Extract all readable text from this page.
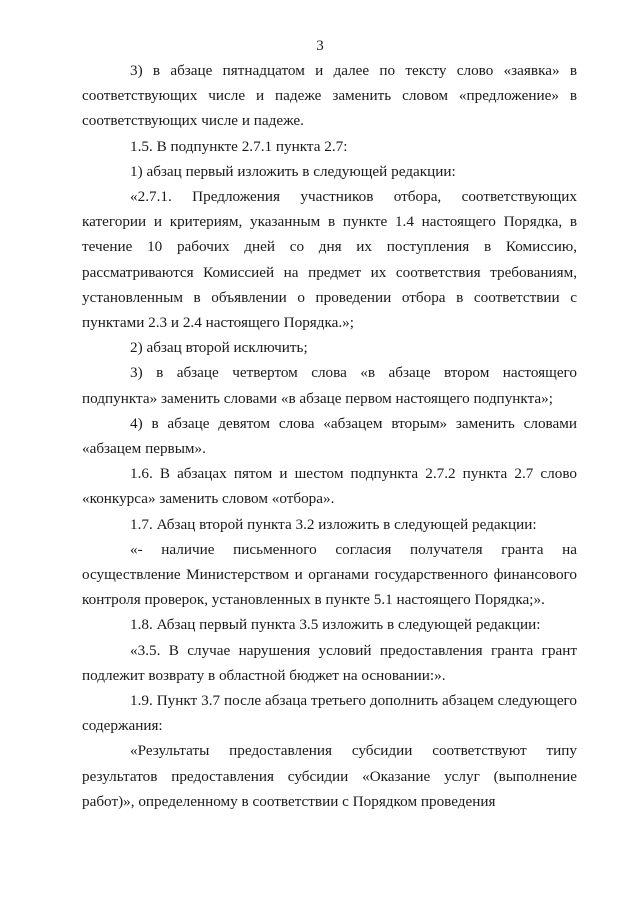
3

3) в абзаце пятнадцатом и далее по тексту слово «заявка» в соответствующих числе и падеже заменить словом «предложение» в соответствующих числе и падеже.

1.5. В подпункте 2.7.1 пункта 2.7:

1) абзац первый изложить в следующей редакции:

«2.7.1. Предложения участников отбора, соответствующих категории и критериям, указанным в пункте 1.4 настоящего Порядка, в течение 10 рабочих дней со дня их поступления в Комиссию, рассматриваются Комиссией на предмет их соответствия требованиям, установленным в объявлении о проведении отбора в соответствии с пунктами 2.3 и 2.4 настоящего Порядка.»;

2) абзац второй исключить;

3) в абзаце четвертом слова «в абзаце втором настоящего подпункта» заменить словами «в абзаце первом настоящего подпункта»;

4) в абзаце девятом слова «абзацем вторым» заменить словами «абзацем первым».

1.6. В абзацах пятом и шестом подпункта 2.7.2 пункта 2.7 слово «конкурса» заменить словом «отбора».

1.7. Абзац второй пункта 3.2 изложить в следующей редакции:

«- наличие письменного согласия получателя гранта на осуществление Министерством и органами государственного финансового контроля проверок, установленных в пункте 5.1 настоящего Порядка;».

1.8. Абзац первый пункта 3.5 изложить в следующей редакции:

«3.5. В случае нарушения условий предоставления гранта грант подлежит возврату в областной бюджет на основании:».

1.9. Пункт 3.7 после абзаца третьего дополнить абзацем следующего содержания:

«Результаты предоставления субсидии соответствуют типу результатов предоставления субсидии «Оказание услуг (выполнение работ)», определенному в соответствии с Порядком проведения
